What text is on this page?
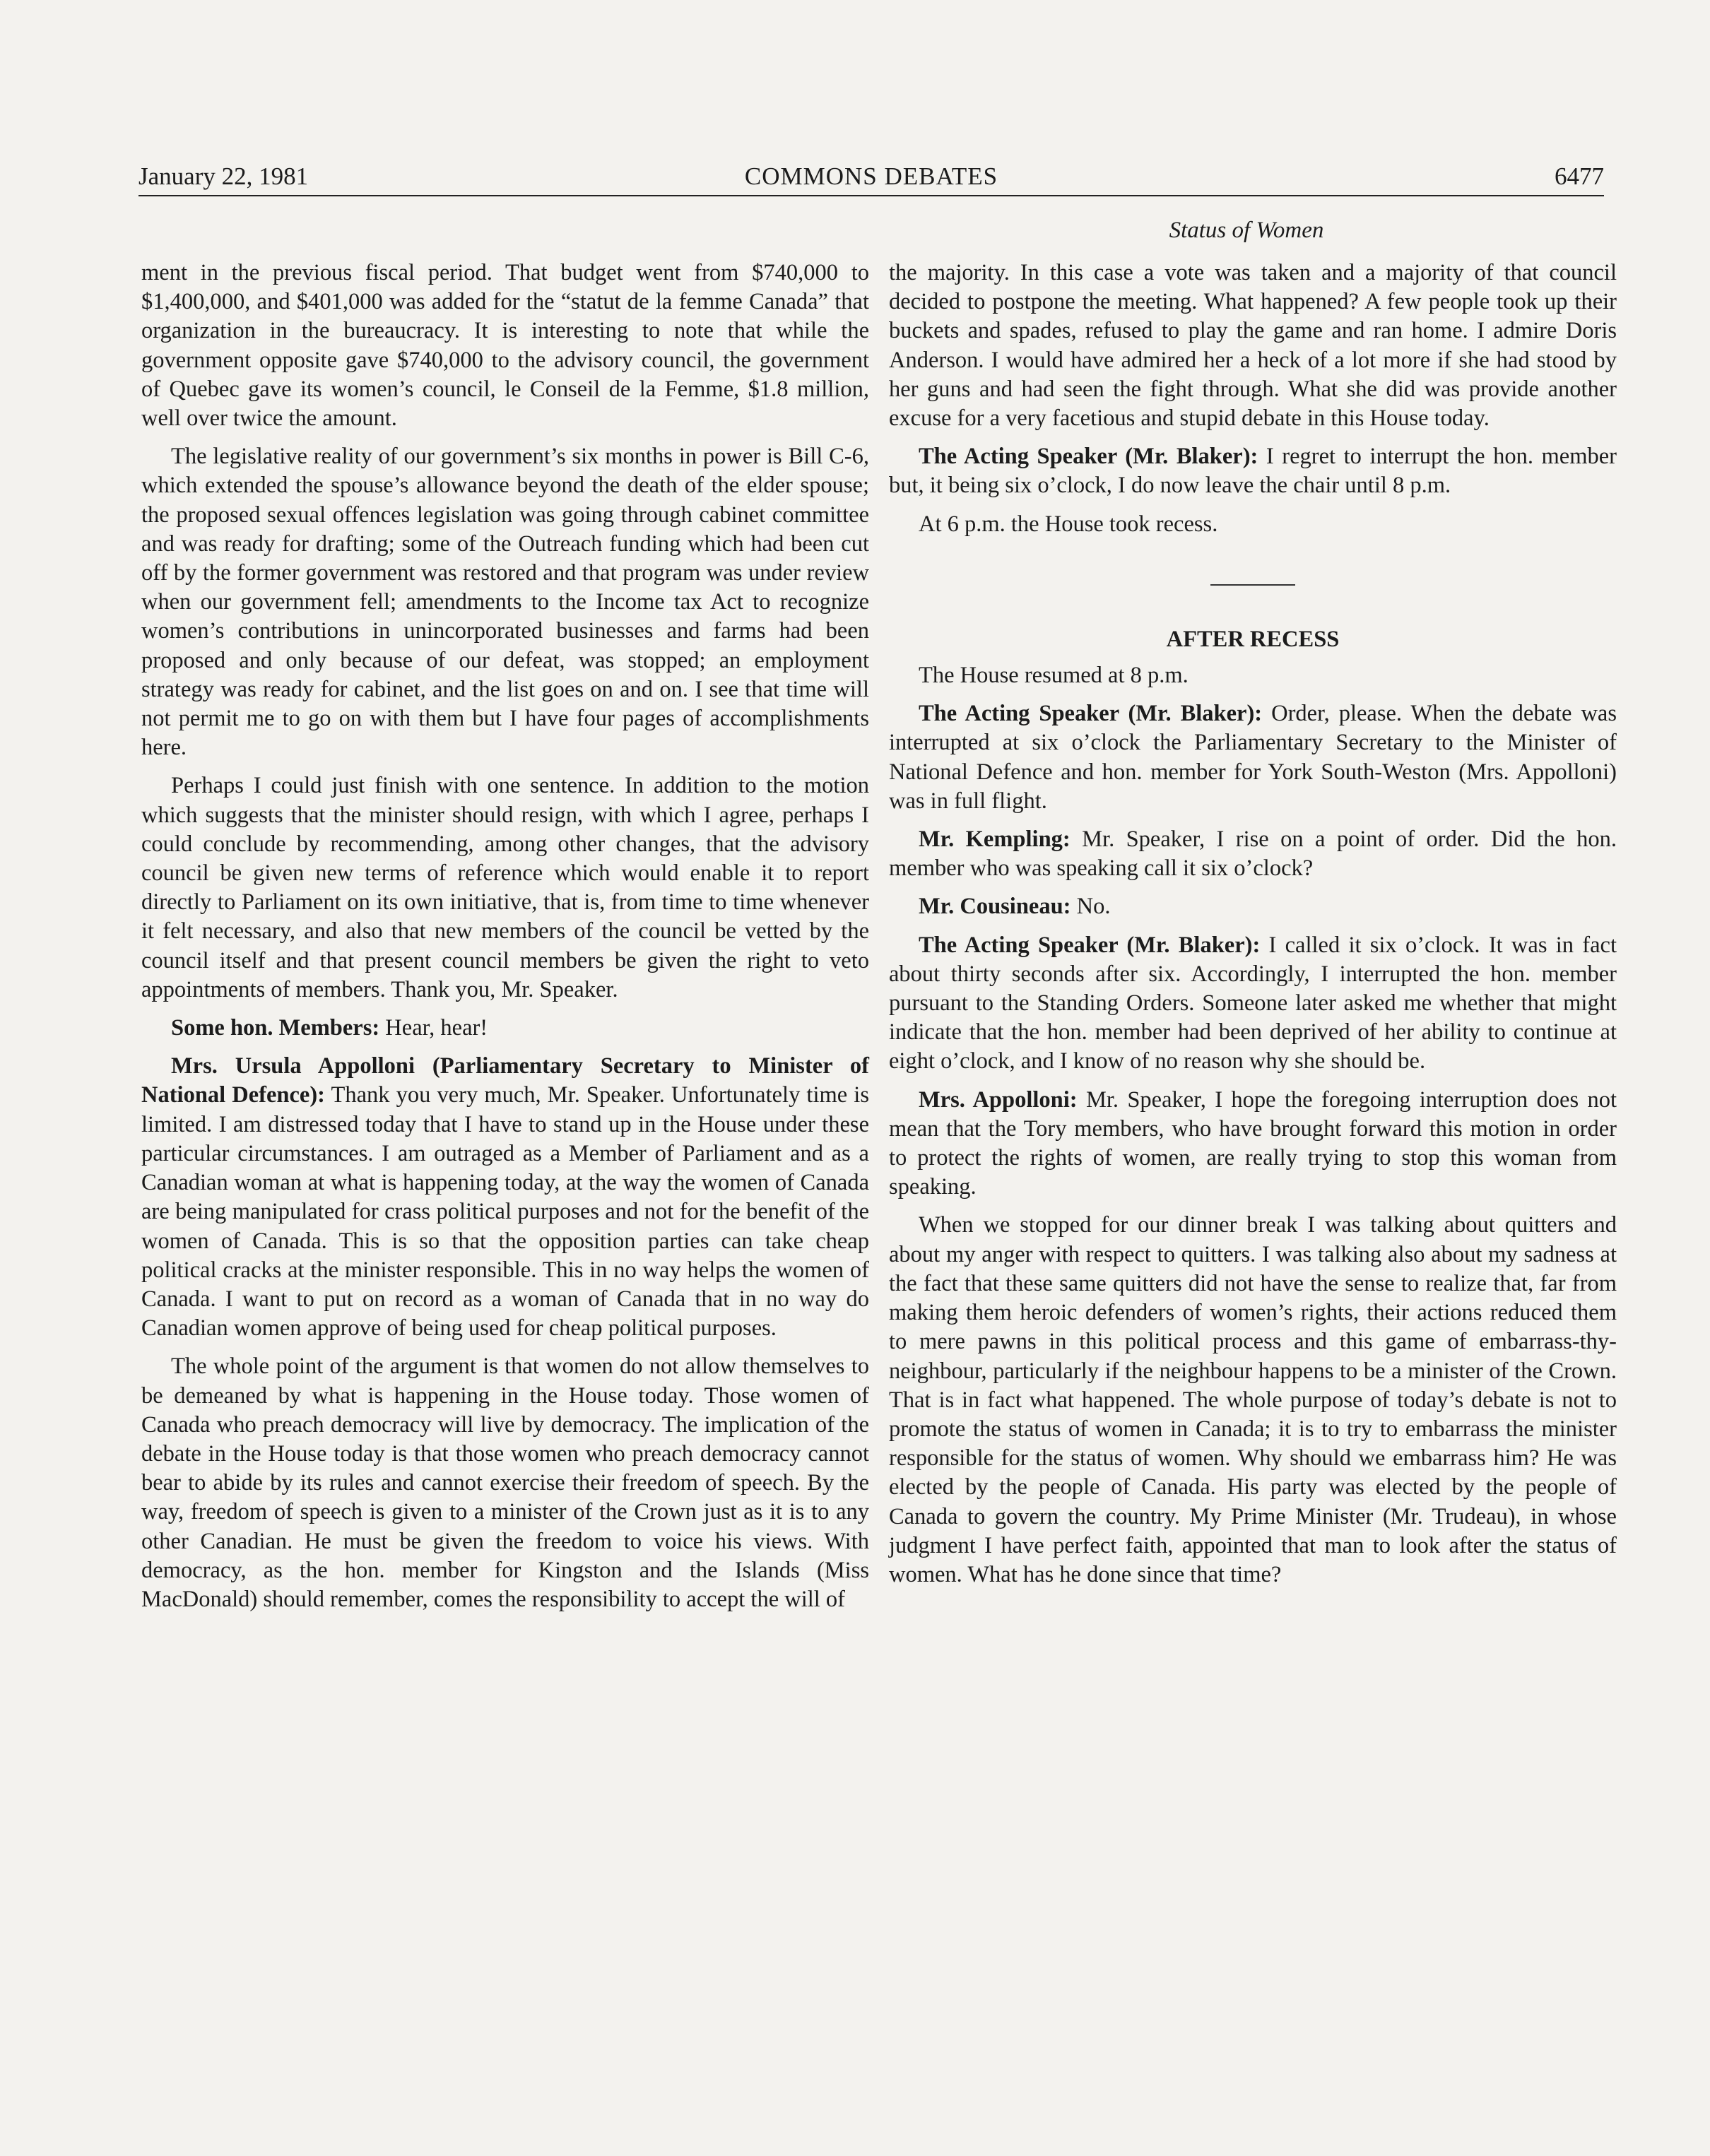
January 22, 1981	COMMONS DEBATES	6477
Status of Women

ment in the previous fiscal period. That budget went from $740,000 to $1,400,000, and $401,000 was added for the “statut de la femme Canada” that organization in the bureaucracy. It is interesting to note that while the government opposite gave $740,000 to the advisory council, the government of Quebec gave its women’s council, le Conseil de la Femme, $1.8 million, well over twice the amount.

The legislative reality of our government’s six months in power is Bill C-6, which extended the spouse’s allowance beyond the death of the elder spouse; the proposed sexual offences legislation was going through cabinet committee and was ready for drafting; some of the Outreach funding which had been cut off by the former government was restored and that program was under review when our government fell; amendments to the Income tax Act to recognize women’s contributions in unincorporated businesses and farms had been proposed and only because of our defeat, was stopped; an employment strategy was ready for cabinet, and the list goes on and on. I see that time will not permit me to go on with them but I have four pages of accomplishments here.

Perhaps I could just finish with one sentence. In addition to the motion which suggests that the minister should resign, with which I agree, perhaps I could conclude by recommending, among other changes, that the advisory council be given new terms of reference which would enable it to report directly to Parliament on its own initiative, that is, from time to time whenever it felt necessary, and also that new members of the council be vetted by the council itself and that present council members be given the right to veto appointments of members. Thank you, Mr. Speaker.

Some hon. Members: Hear, hear!

Mrs. Ursula Appolloni (Parliamentary Secretary to Minister of National Defence): Thank you very much, Mr. Speaker. Unfortunately time is limited. I am distressed today that I have to stand up in the House under these particular circumstances. I am outraged as a Member of Parliament and as a Canadian woman at what is happening today, at the way the women of Canada are being manipulated for crass political purposes and not for the benefit of the women of Canada. This is so that the opposition parties can take cheap political cracks at the minister responsible. This in no way helps the women of Canada. I want to put on record as a woman of Canada that in no way do Canadian women approve of being used for cheap political purposes.

The whole point of the argument is that women do not allow themselves to be demeaned by what is happening in the House today. Those women of Canada who preach democracy will live by democracy. The implication of the debate in the House today is that those women who preach democracy cannot bear to abide by its rules and cannot exercise their freedom of speech. By the way, freedom of speech is given to a minister of the Crown just as it is to any other Canadian. He must be given the freedom to voice his views. With democracy, as the hon. member for Kingston and the Islands (Miss MacDonald) should remember, comes the responsibility to accept the will of

the majority. In this case a vote was taken and a majority of that council decided to postpone the meeting. What happened? A few people took up their buckets and spades, refused to play the game and ran home. I admire Doris Anderson. I would have admired her a heck of a lot more if she had stood by her guns and had seen the fight through. What she did was provide another excuse for a very facetious and stupid debate in this House today.

The Acting Speaker (Mr. Blaker): I regret to interrupt the hon. member but, it being six o’clock, I do now leave the chair until 8 p.m.

At 6 p.m. the House took recess.

AFTER RECESS

The House resumed at 8 p.m.

The Acting Speaker (Mr. Blaker): Order, please. When the debate was interrupted at six o’clock the Parliamentary Secretary to the Minister of National Defence and hon. member for York South-Weston (Mrs. Appolloni) was in full flight.

Mr. Kempling: Mr. Speaker, I rise on a point of order. Did the hon. member who was speaking call it six o’clock?

Mr. Cousineau: No.

The Acting Speaker (Mr. Blaker): I called it six o’clock. It was in fact about thirty seconds after six. Accordingly, I interrupted the hon. member pursuant to the Standing Orders. Someone later asked me whether that might indicate that the hon. member had been deprived of her ability to continue at eight o’clock, and I know of no reason why she should be.

Mrs. Appolloni: Mr. Speaker, I hope the foregoing interruption does not mean that the Tory members, who have brought forward this motion in order to protect the rights of women, are really trying to stop this woman from speaking.

When we stopped for our dinner break I was talking about quitters and about my anger with respect to quitters. I was talking also about my sadness at the fact that these same quitters did not have the sense to realize that, far from making them heroic defenders of women’s rights, their actions reduced them to mere pawns in this political process and this game of embarrass-thy-neighbour, particularly if the neighbour happens to be a minister of the Crown. That is in fact what happened. The whole purpose of today’s debate is not to promote the status of women in Canada; it is to try to embarrass the minister responsible for the status of women. Why should we embarrass him? He was elected by the people of Canada. His party was elected by the people of Canada to govern the country. My Prime Minister (Mr. Trudeau), in whose judgment I have perfect faith, appointed that man to look after the status of women. What has he done since that time?
